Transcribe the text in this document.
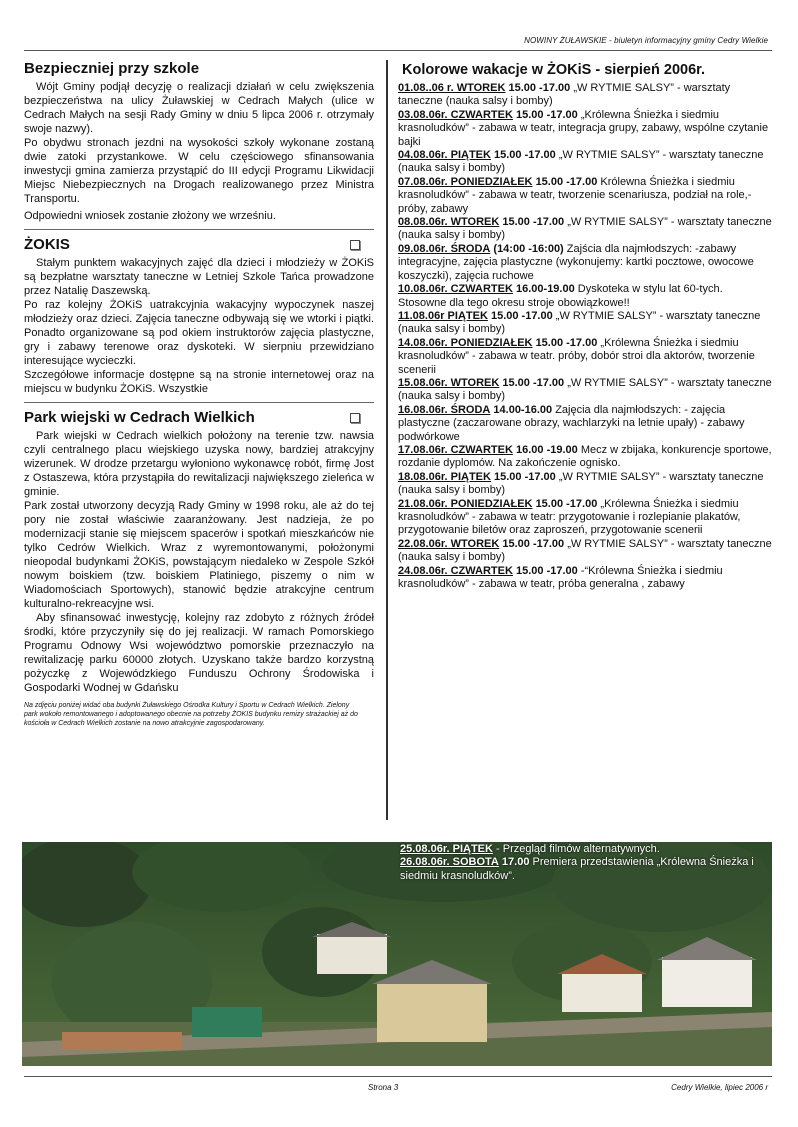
NOWINY ŻUŁAWSKIE - biuletyn informacyjny gminy Cedry Wielkie
Bezpieczniej przy szkole

Wójt Gminy podjął decyzję o realizacji działań w celu zwiększenia bezpieczeństwa na ulicy Żuławskiej w Cedrach Małych (ulice w Cedrach Małych na sesji Rady Gminy w dniu 5 lipca 2006 r. otrzymały swoje nazwy).

Po obydwu stronach jezdni na wysokości szkoły wykonane zostaną dwie zatoki przystankowe. W celu częściowego sfinansowania inwestycji gmina zamierza przystąpić do III edycji Programu Likwidacji Miejsc Niebezpiecznych na Drogach realizowanego przez Ministra Transportu.

Odpowiedni wniosek zostanie złożony we wrześniu.

ŻOKIS

Stałym punktem wakacyjnych zajęć dla dzieci i młodzieży w ŻOKiS są bezpłatne warsztaty taneczne w Letniej Szkole Tańca prowadzone przez Natalię Daszewską.

Po raz kolejny ŻOKiS uatrakcyjnia wakacyjny wypoczynek naszej młodzieży oraz dzieci. Zajęcia taneczne odbywają się we wtorki i piątki. Ponadto organizowane są pod okiem instruktorów zajęcia plastyczne, gry i zabawy terenowe oraz dyskoteki. W sierpniu przewidziano interesujące wycieczki.

Szczegółowe informacje dostępne są na stronie internetowej oraz na miejscu w budynku ŻOKiS. Wszystkie

Park wiejski w Cedrach Wielkich

Park wiejski w Cedrach wielkich położony na terenie tzw. nawsia czyli centralnego placu wiejskiego uzyska nowy, bardziej atrakcyjny wizerunek. W drodze przetargu wyłoniono wykonawcę robót, firmę Jost z Ostaszewa, która przystąpiła do rewitalizacji największego zieleńca w gminie.

Park został utworzony decyzją Rady Gminy w 1998 roku, ale aż do tej pory nie został właściwie zaaranżowany. Jest nadzieja, że po modernizacji stanie się miejscem spacerów i spotkań mieszkańców nie tylko Cedrów Wielkich. Wraz z wyremontowanymi, położonymi nieopodal budynkami ŻOKiS, powstającym niedaleko w Zespole Szkół nowym boiskiem (tzw. boiskiem Platiniego, piszemy o nim w Wiadomościach Sportowych), stanowić będzie atrakcyjne centrum kulturalno-rekreacyjne wsi.

Aby sfinansować inwestycję, kolejny raz zdobyto z różnych źródeł środki, które przyczyniły się do jej realizacji. W ramach Pomorskiego Programu Odnowy Wsi województwo pomorskie przeznaczyło na rewitalizację parku 60000 złotych. Uzyskano także bardzo korzystną pożyczkę z Wojewódzkiego Funduszu Ochrony Środowiska i Gospodarki Wodnej w Gdańsku

Na zdjęciu poniżej widać oba budynki Żuławskiego Ośrodka Kultury i Sportu w Cedrach Wielkich. Zielony park wokoło remontowanego i adoptowanego obecnie na potrzeby ŻOKIS budynku remizy strażackiej aż do kościoła w Cedrach Wielkich zostanie na nowo atrakcyjnie zagospodarowany.
Kolorowe wakacje w ŻOKiS - sierpień 2006r.
01.08..06 r. WTOREK 15.00 -17.00 „W RYTMIE SALSY” - warsztaty taneczne (nauka salsy i bomby)
03.08.06r. CZWARTEK 15.00 -17.00 „Królewna Śnieżka i siedmiu krasnoludków” - zabawa w teatr, integracja grupy, zabawy, wspólne czytanie bajki
04.08.06r. PIĄTEK 15.00 -17.00 „W RYTMIE SALSY” - warsztaty taneczne (nauka salsy i bomby)
07.08.06r. PONIEDZIAŁEK 15.00 -17.00 Królewna Śnieżka i siedmiu krasnoludków” - zabawa w teatr, tworzenie scenariusza, podział na role,-próby, zabawy
08.08.06r. WTOREK 15.00 -17.00 „W RYTMIE SALSY” - warsztaty taneczne (nauka salsy i bomby)
09.08.06r. ŚRODA (14:00 -16:00) Zajścia dla najmłodszych: -zabawy integracyjne, zajęcia plastyczne (wykonujemy: kartki pocztowe, owocowe koszyczki), zajęcia ruchowe
10.08.06r. CZWARTEK 16.00-19.00 Dyskoteka w stylu lat 60-tych. Stosowne dla tego okresu stroje obowiązkowe!!
11.08.06r PIĄTEK 15.00 -17.00 „W RYTMIE SALSY” - warsztaty taneczne (nauka salsy i bomby)
14.08.06r. PONIEDZIAŁEK 15.00 -17.00 „Królewna Śnieżka i siedmiu krasnoludków” - zabawa w teatr. próby, dobór stroi dla aktorów, tworzenie scenerii
15.08.06r. WTOREK 15.00 -17.00 „W RYTMIE SALSY” - warsztaty taneczne (nauka salsy i bomby)
16.08.06r. ŚRODA 14.00-16.00 Zajęcia dla najmłodszych: - zajęcia plastyczne (zaczarowane obrazy, wachlarzyki na letnie upały) - zabawy podwórkowe
17.08.06r. CZWARTEK 16.00 -19.00 Mecz w zbijaka, konkurencje sportowe, rozdanie dyplomów. Na zakończenie ognisko.
18.08.06r. PIĄTEK 15.00 -17.00 „W RYTMIE SALSY” - warsztaty taneczne (nauka salsy i bomby)
21.08.06r. PONIEDZIAŁEK 15.00 -17.00 „Królewna Śnieżka i siedmiu krasnoludków” - zabawa w teatr: przygotowanie i rozlepianie plakatów, przygotowanie biletów oraz zaproszeń, przygotowanie scenerii
22.08.06r. WTOREK 15.00 -17.00 „W RYTMIE SALSY” - warsztaty taneczne (nauka salsy i bomby)
24.08.06r. CZWARTEK 15.00 -17.00 -“Królewna Śnieżka i siedmiu krasnoludków” - zabawa w teatr, próba generalna , zabawy
25.08.06r. PIĄTEK - Przegląd filmów alternatywnych.
26.08.06r. SOBOTA 17.00 Premiera przedstawienia „Królewna Śnieżka i siedmiu krasnoludków”.
Strona 3	Cedry Wielkie, lipiec 2006 r
